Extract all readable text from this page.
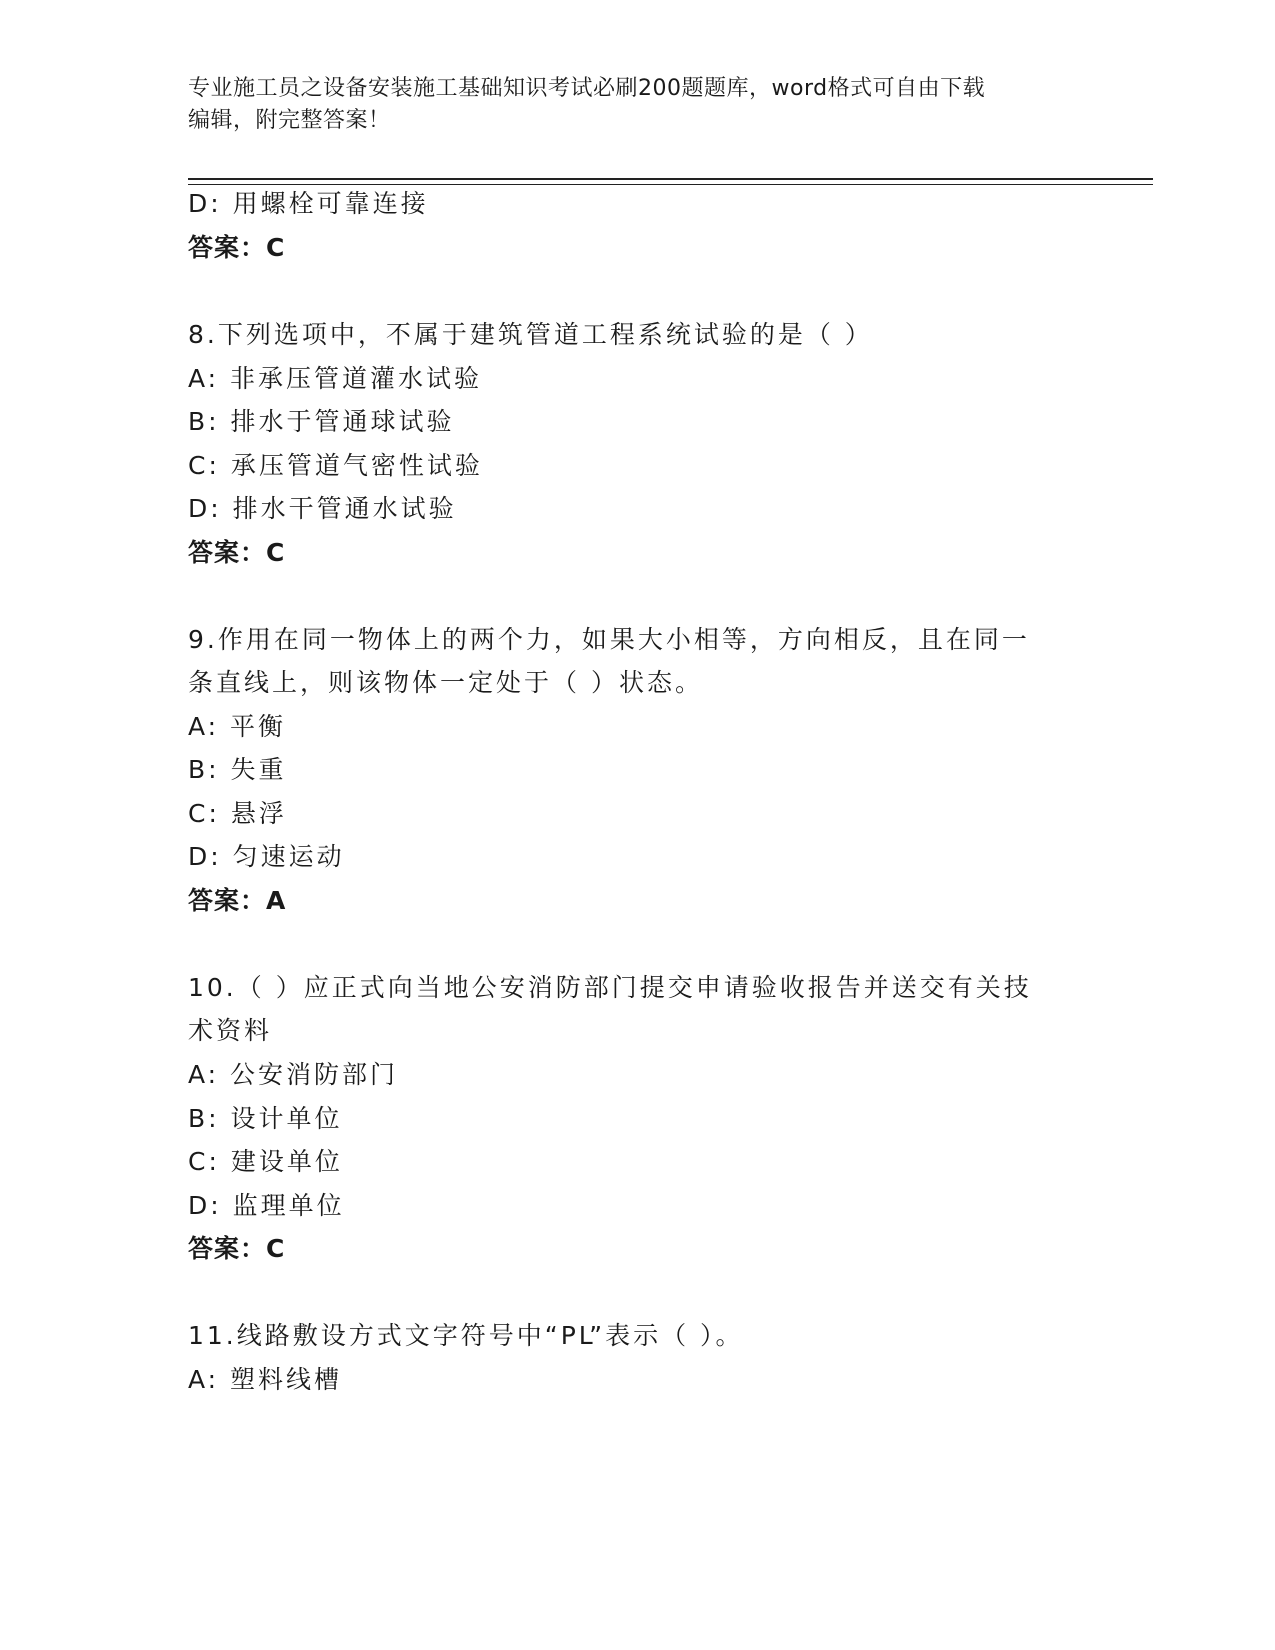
专业施工员之设备安装施工基础知识考试必刷200题题库，word格式可自由下载
编辑，附完整答案！
D: 用螺栓可靠连接
答案：C
8.下列选项中，不属于建筑管道工程系统试验的是（ ）
A: 非承压管道灌水试验
B: 排水于管通球试验
C: 承压管道气密性试验
D: 排水干管通水试验
答案：C
9.作用在同一物体上的两个力，如果大小相等，方向相反，且在同一
条直线上，则该物体一定处于（ ）状态。
A: 平衡
B: 失重
C: 悬浮
D: 匀速运动
答案：A
10.（ ）应正式向当地公安消防部门提交申请验收报告并送交有关技
术资料
A: 公安消防部门
B: 设计单位
C: 建设单位
D: 监理单位
答案：C
11.线路敷设方式文字符号中“PL”表示（ ）。
A: 塑料线槽
